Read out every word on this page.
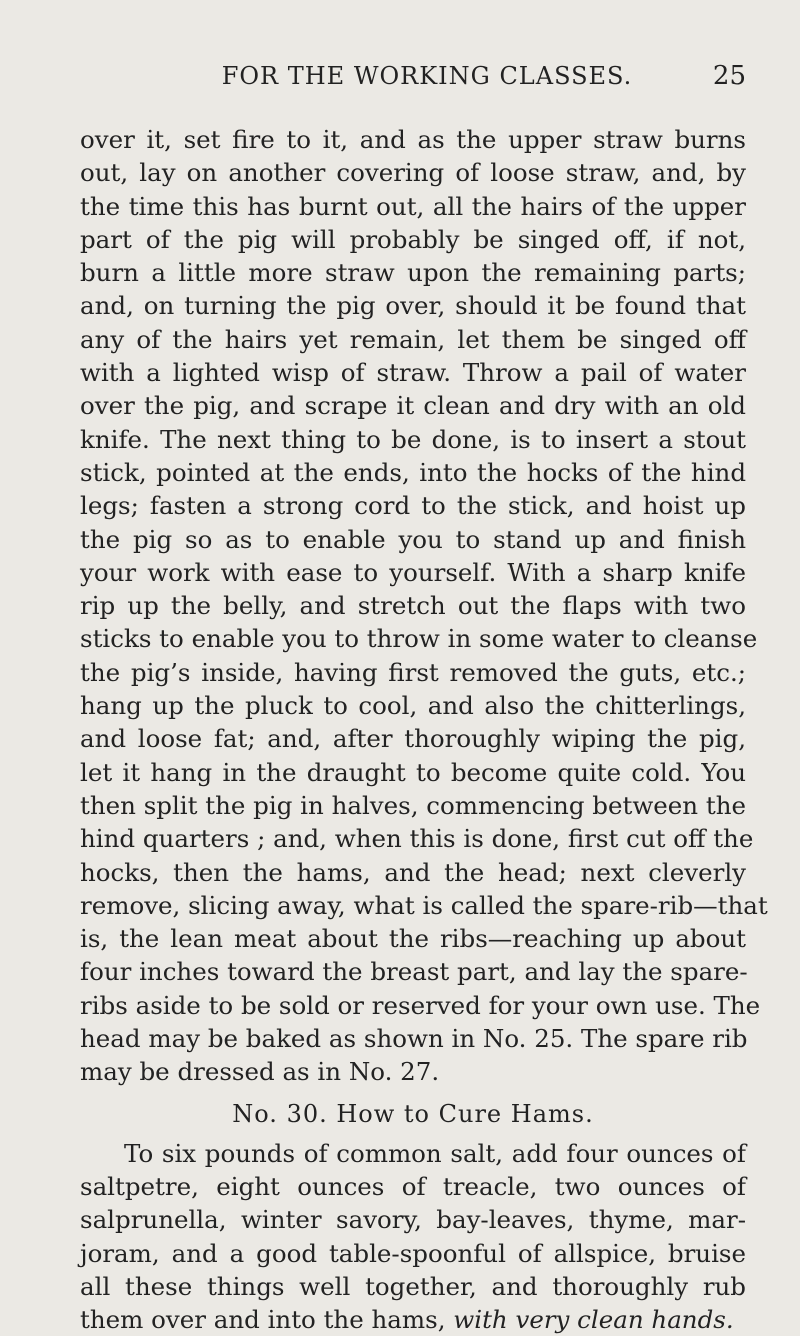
FOR THE WORKING CLASSES.	25

over it, set fire to it, and as the upper straw burns
out, lay on another covering of loose straw, and, by
the time this has burnt out, all the hairs of the upper
part of the pig will probably be singed off, if not,
burn a little more straw upon the remaining parts;
and, on turning the pig over, should it be found that
any of the hairs yet remain, let them be singed off
with a lighted wisp of straw. Throw a pail of water
over the pig, and scrape it clean and dry with an old
knife. The next thing to be done, is to insert a stout
stick, pointed at the ends, into the hocks of the hind
legs; fasten a strong cord to the stick, and hoist up
the pig so as to enable you to stand up and finish
your work with ease to yourself. With a sharp knife
rip up the belly, and stretch out the flaps with two
sticks to enable you to throw in some water to cleanse
the pig’s inside, having first removed the guts, etc.;
hang up the pluck to cool, and also the chitterlings,
and loose fat; and, after thoroughly wiping the pig,
let it hang in the draught to become quite cold. You
then split the pig in halves, commencing between the
hind quarters ; and, when this is done, first cut off the
hocks, then the hams, and the head; next cleverly
remove, slicing away, what is called the spare-rib—that
is, the lean meat about the ribs—reaching up about
four inches toward the breast part, and lay the spare-
ribs aside to be sold or reserved for your own use. The
head may be baked as shown in No. 25. The spare rib
may be dressed as in No. 27.

No. 30. How to Cure Hams.

To six pounds of common salt, add four ounces of
saltpetre, eight ounces of treacle, two ounces of
salprunella, winter savory, bay-leaves, thyme, mar-
joram, and a good table-spoonful of allspice, bruise
all these things well together, and thoroughly rub
them over and into the hams, with very clean hands.
